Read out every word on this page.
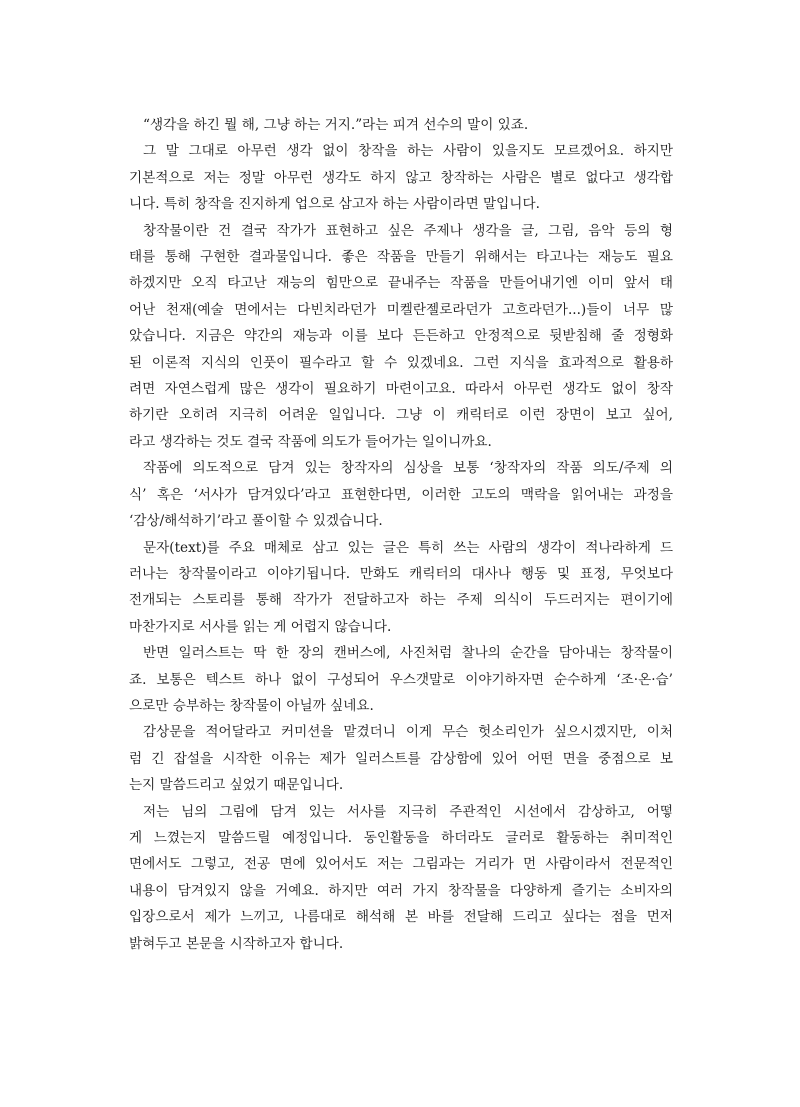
“생각을 하긴 뭘 해, 그냥 하는 거지.”라는 피겨 선수의 말이 있죠.

그 말 그대로 아무런 생각 없이 창작을 하는 사람이 있을지도 모르겠어요. 하지만
기본적으로 저는 정말 아무런 생각도 하지 않고 창작하는 사람은 별로 없다고 생각합
니다. 특히 창작을 진지하게 업으로 삼고자 하는 사람이라면 말입니다.

창작물이란 건 결국 작가가 표현하고 싶은 주제나 생각을 글, 그림, 음악 등의 형
태를 통해 구현한 결과물입니다. 좋은 작품을 만들기 위해서는 타고나는 재능도 필요
하겠지만 오직 타고난 재능의 힘만으로 끝내주는 작품을 만들어내기엔 이미 앞서 태
어난 천재(예술 면에서는 다빈치라던가 미켈란젤로라던가 고흐라던가...)들이 너무 많
았습니다. 지금은 약간의 재능과 이를 보다 든든하고 안정적으로 뒷받침해 줄 정형화
된 이론적 지식의 인풋이 필수라고 할 수 있겠네요. 그런 지식을 효과적으로 활용하
려면 자연스럽게 많은 생각이 필요하기 마련이고요. 따라서 아무런 생각도 없이 창작
하기란 오히려 지극히 어려운 일입니다. 그냥 이 캐릭터로 이런 장면이 보고 싶어,
라고 생각하는 것도 결국 작품에 의도가 들어가는 일이니까요.

작품에 의도적으로 담겨 있는 창작자의 심상을 보통 ‘창작자의 작품 의도/주제 의
식’ 혹은 ‘서사가 담겨있다’라고 표현한다면, 이러한 고도의 맥락을 읽어내는 과정을
‘감상/해석하기’라고 풀이할 수 있겠습니다.

문자(text)를 주요 매체로 삼고 있는 글은 특히 쓰는 사람의 생각이 적나라하게 드
러나는 창작물이라고 이야기됩니다. 만화도 캐릭터의 대사나 행동 및 표정, 무엇보다
전개되는 스토리를 통해 작가가 전달하고자 하는 주제 의식이 두드러지는 편이기에
마찬가지로 서사를 읽는 게 어렵지 않습니다.

반면 일러스트는 딱 한 장의 캔버스에, 사진처럼 찰나의 순간을 담아내는 창작물이
죠. 보통은 텍스트 하나 없이 구성되어 우스갯말로 이야기하자면 순수하게 ‘조·온·습’
으로만 승부하는 창작물이 아닐까 싶네요.

감상문을 적어달라고 커미션을 맡겼더니 이게 무슨 헛소리인가 싶으시겠지만, 이처
럼 긴 잡설을 시작한 이유는 제가 일러스트를 감상함에 있어 어떤 면을 중점으로 보
는지 말씀드리고 싶었기 때문입니다.

저는 님의 그림에 담겨 있는 서사를 지극히 주관적인 시선에서 감상하고, 어떻
게 느꼈는지 말씀드릴 예정입니다. 동인활동을 하더라도 글러로 활동하는 취미적인
면에서도 그렇고, 전공 면에 있어서도 저는 그림과는 거리가 먼 사람이라서 전문적인
내용이 담겨있지 않을 거예요. 하지만 여러 가지 창작물을 다양하게 즐기는 소비자의
입장으로서 제가 느끼고, 나름대로 해석해 본 바를 전달해 드리고 싶다는 점을 먼저
밝혀두고 본문을 시작하고자 합니다.
